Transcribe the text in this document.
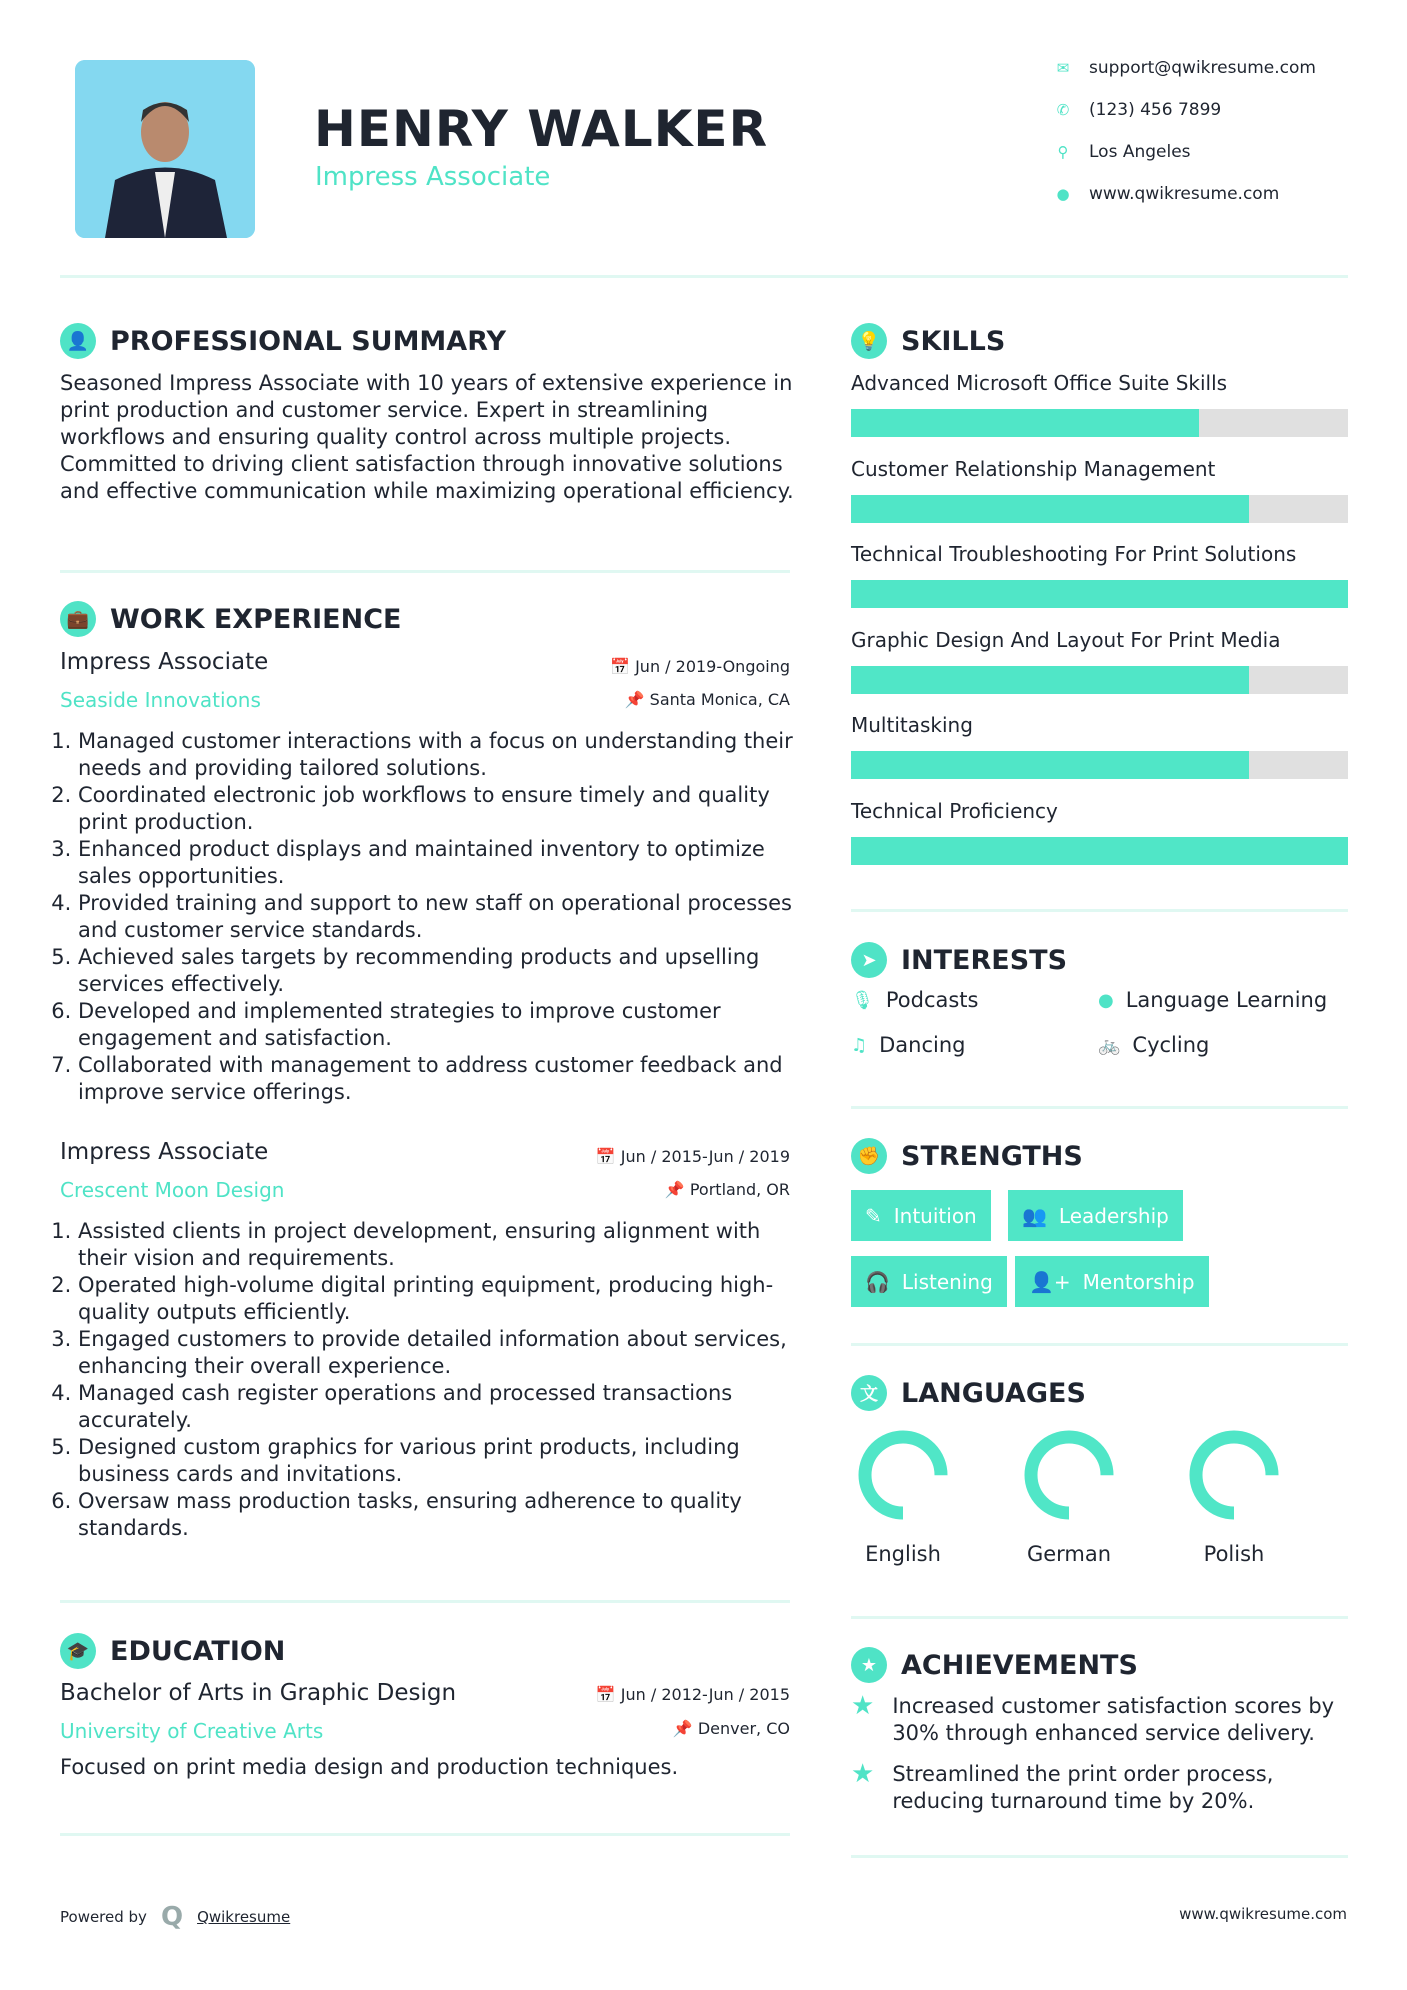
HENRY WALKER
Impress Associate
✉ support@qwikresume.com
✆ (123) 456 7899
⚲ Los Angeles
● www.qwikresume.com
👤 PROFESSIONAL SUMMARY
Seasoned Impress Associate with 10 years of extensive experience in print production and customer service. Expert in streamlining workflows and ensuring quality control across multiple projects. Committed to driving client satisfaction through innovative solutions and effective communication while maximizing operational efficiency.
💼 WORK EXPERIENCE
Impress Associate
Seaside Innovations
📅 Jun / 2019-Ongoing
📌 Santa Monica, CA
1. Managed customer interactions with a focus on understanding their needs and providing tailored solutions.
2. Coordinated electronic job workflows to ensure timely and quality print production.
3. Enhanced product displays and maintained inventory to optimize sales opportunities.
4. Provided training and support to new staff on operational processes and customer service standards.
5. Achieved sales targets by recommending products and upselling services effectively.
6. Developed and implemented strategies to improve customer engagement and satisfaction.
7. Collaborated with management to address customer feedback and improve service offerings.
Impress Associate
Crescent Moon Design
📅 Jun / 2015-Jun / 2019
📌 Portland, OR
1. Assisted clients in project development, ensuring alignment with their vision and requirements.
2. Operated high-volume digital printing equipment, producing high-quality outputs efficiently.
3. Engaged customers to provide detailed information about services, enhancing their overall experience.
4. Managed cash register operations and processed transactions accurately.
5. Designed custom graphics for various print products, including business cards and invitations.
6. Oversaw mass production tasks, ensuring adherence to quality standards.
🎓 EDUCATION
Bachelor of Arts in Graphic Design
University of Creative Arts
📅 Jun / 2012-Jun / 2015
📌 Denver, CO
Focused on print media design and production techniques.
💡 SKILLS
Advanced Microsoft Office Suite Skills
Customer Relationship Management
Technical Troubleshooting For Print Solutions
Graphic Design And Layout For Print Media
Multitasking
Technical Proficiency
➤ INTERESTS
🎙 Podcasts	● Language Learning
♫ Dancing	🚲 Cycling
✊ STRENGTHS
✎ Intuition 👥 Leadership
🎧 Listening 👤+ Mentorship
文 LANGUAGES
English	German	Polish
★ ACHIEVEMENTS
★ Increased customer satisfaction scores by 30% through enhanced service delivery.
★ Streamlined the print order process, reducing turnaround time by 20%.
Powered by Q Qwikresume	www.qwikresume.com
